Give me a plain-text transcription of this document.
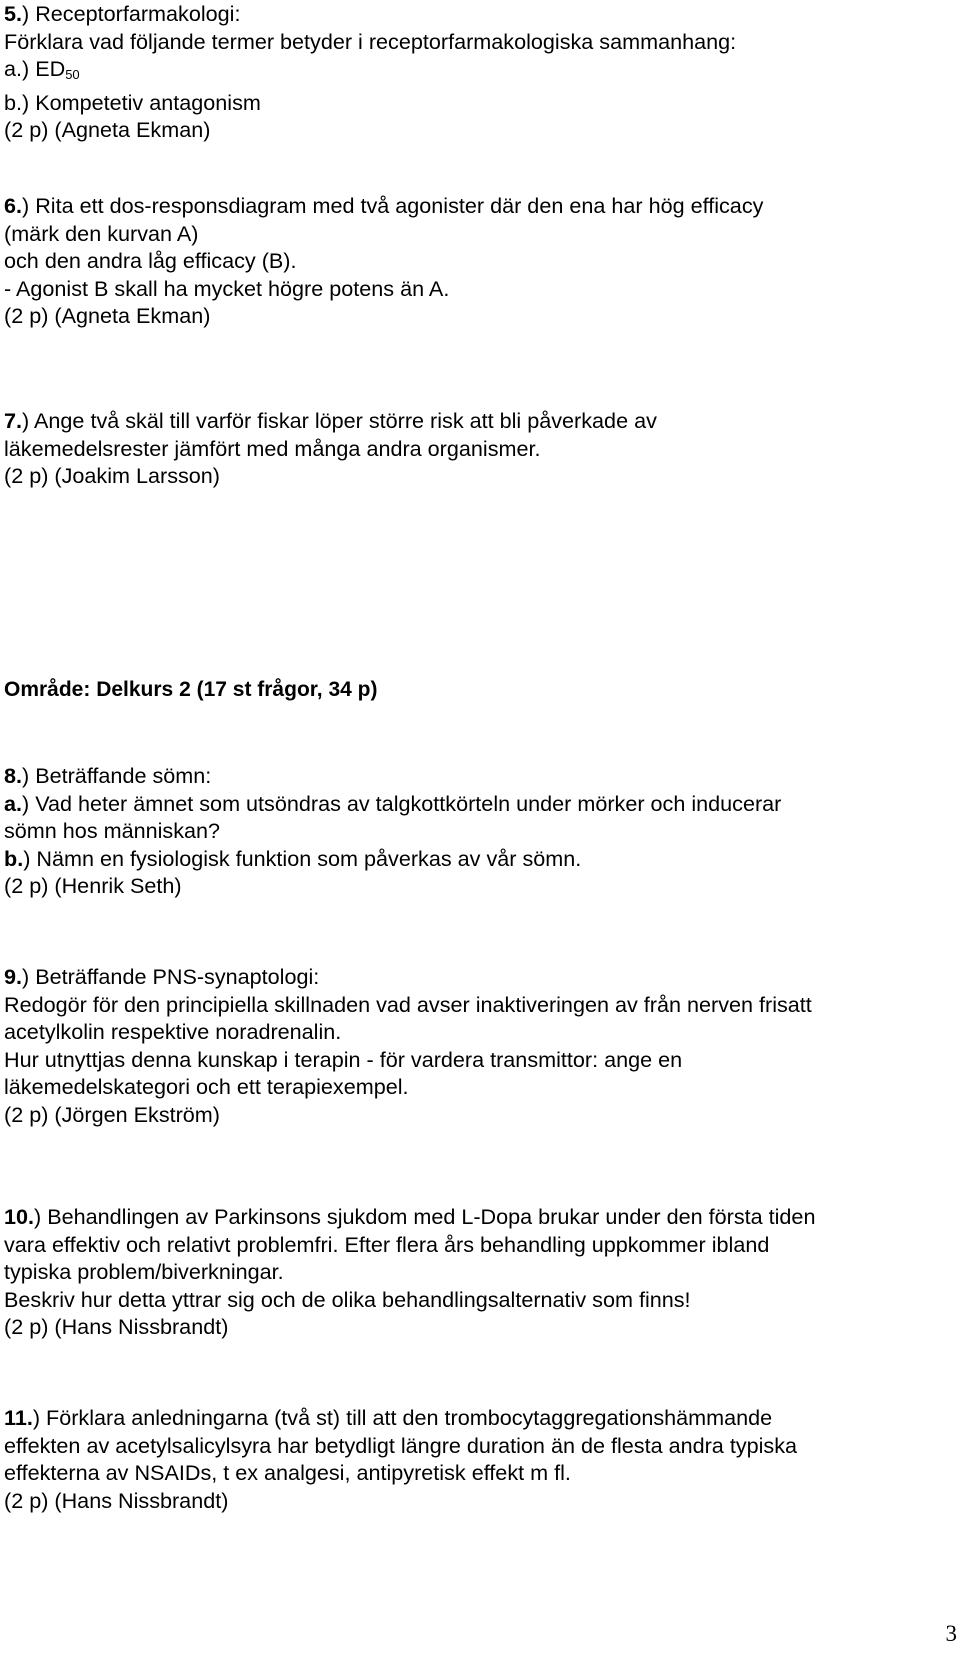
5.) Receptorfarmakologi:
Förklara vad följande termer betyder i receptorfarmakologiska sammanhang:
a.) $ED_{50}$
b.) Kompetetiv antagonism
(2 p) (Agneta Ekman)
6.) Rita ett dos-responsdiagram med två agonister där den ena har hög efficacy
(märk den kurvan A)
och den andra låg efficacy (B).
- Agonist B skall ha mycket högre potens än A.
(2 p) (Agneta Ekman)
7.) Ange två skäl till varför fiskar löper större risk att bli påverkade av
läkemedelsrester jämfört med många andra organismer.
(2 p) (Joakim Larsson)
Område: Delkurs 2 (17 st frågor, 34 p)
8.) Beträffande sömn:
a.) Vad heter ämnet som utsöndras av talgkottkörteln under mörker och inducerar
sömn hos människan?
b.) Nämn en fysiologisk funktion som påverkas av vår sömn.
(2 p) (Henrik Seth)
9.) Beträffande PNS-synaptologi:
Redogör för den principiella skillnaden vad avser inaktiveringen av från nerven frisatt
acetylkolin respektive noradrenalin.
Hur utnyttjas denna kunskap i terapin - för vardera transmittor: ange en
läkemedelskategori och ett terapiexempel.
(2 p) (Jörgen Ekström)
10.) Behandlingen av Parkinsons sjukdom med L-Dopa brukar under den första tiden
vara effektiv och relativt problemfri. Efter flera års behandling uppkommer ibland
typiska problem/biverkningar.
Beskriv hur detta yttrar sig och de olika behandlingsalternativ som finns!
(2 p) (Hans Nissbrandt)
11.) Förklara anledningarna (två st) till att den trombocytaggregationshämmande
effekten av acetylsalicylsyra har betydligt längre duration än de flesta andra typiska
effekterna av NSAIDs, t ex analgesi, antipyretisk effekt m fl.
(2 p) (Hans Nissbrandt)
3
